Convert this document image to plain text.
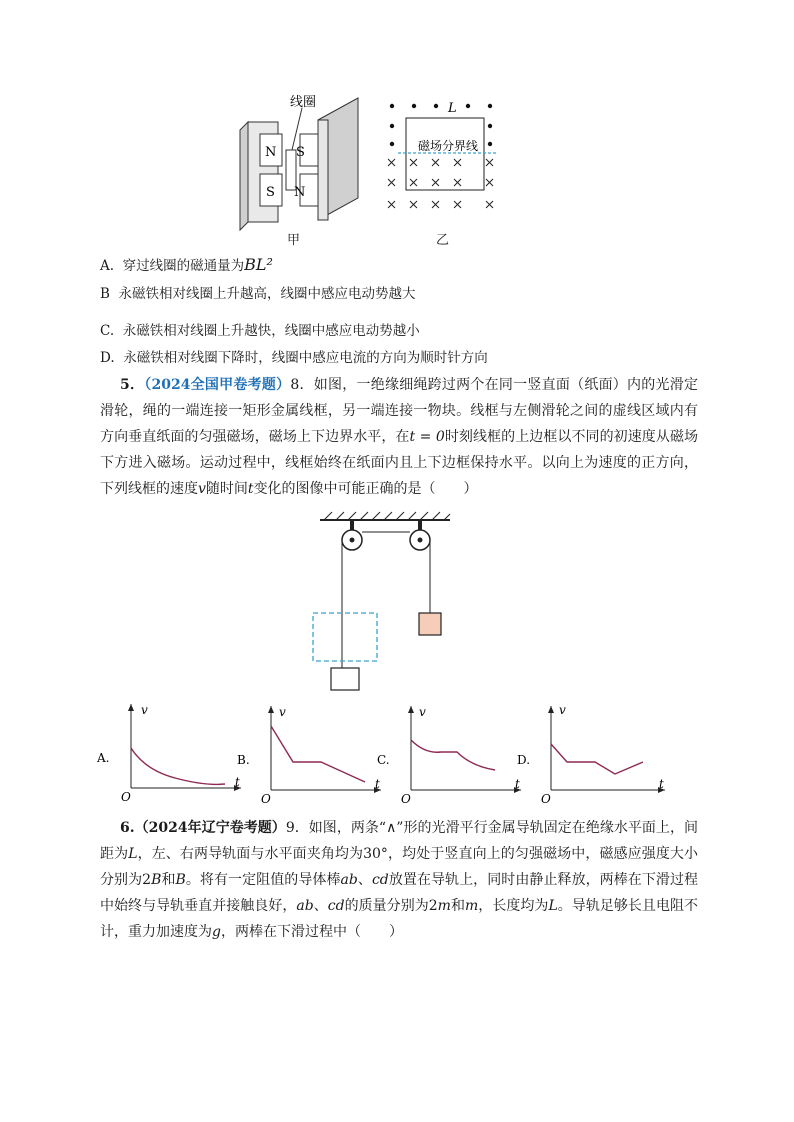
N
S
线圈
S
N
甲
L
磁场分界线
乙
A. 穿过线圈的磁通量为BL²
B 永磁铁相对线圈上升越高，线圈中感应电动势越大
C. 永磁铁相对线圈上升越快，线圈中感应电动势越小
D. 永磁铁相对线圈下降时，线圈中感应电流的方向为顺时针方向
5．（2024全国甲卷考题）8．如图，一绝缘细绳跨过两个在同一竖直面（纸面）内的光滑定滑轮，绳的一端连接一矩形金属线框，另一端连接一物块。线框与左侧滑轮之间的虚线区域内有方向垂直纸面的匀强磁场，磁场上下边界水平，在t = 0时刻线框的上边框以不同的初速度从磁场下方进入磁场。运动过程中，线框始终在纸面内且上下边框保持水平。以向上为速度的正方向，下列线框的速度v随时间t变化的图像中可能正确的是（　　）
A.
v
t
O
B.
v
t
O
C.
v
t
O
D.
v
t
O
6.（2024年辽宁卷考题）9．如图，两条“∧”形的光滑平行金属导轨固定在绝缘水平面上，间距为L，左、右两导轨面与水平面夹角均为30°，均处于竖直向上的匀强磁场中，磁感应强度大小分别为2B和B。将有一定阻值的导体棒ab、cd放置在导轨上，同时由静止释放，两棒在下滑过程中始终与导轨垂直并接触良好，ab、cd的质量分别为2m和m，长度均为L。导轨足够长且电阻不计，重力加速度为g，两棒在下滑过程中（　　）
